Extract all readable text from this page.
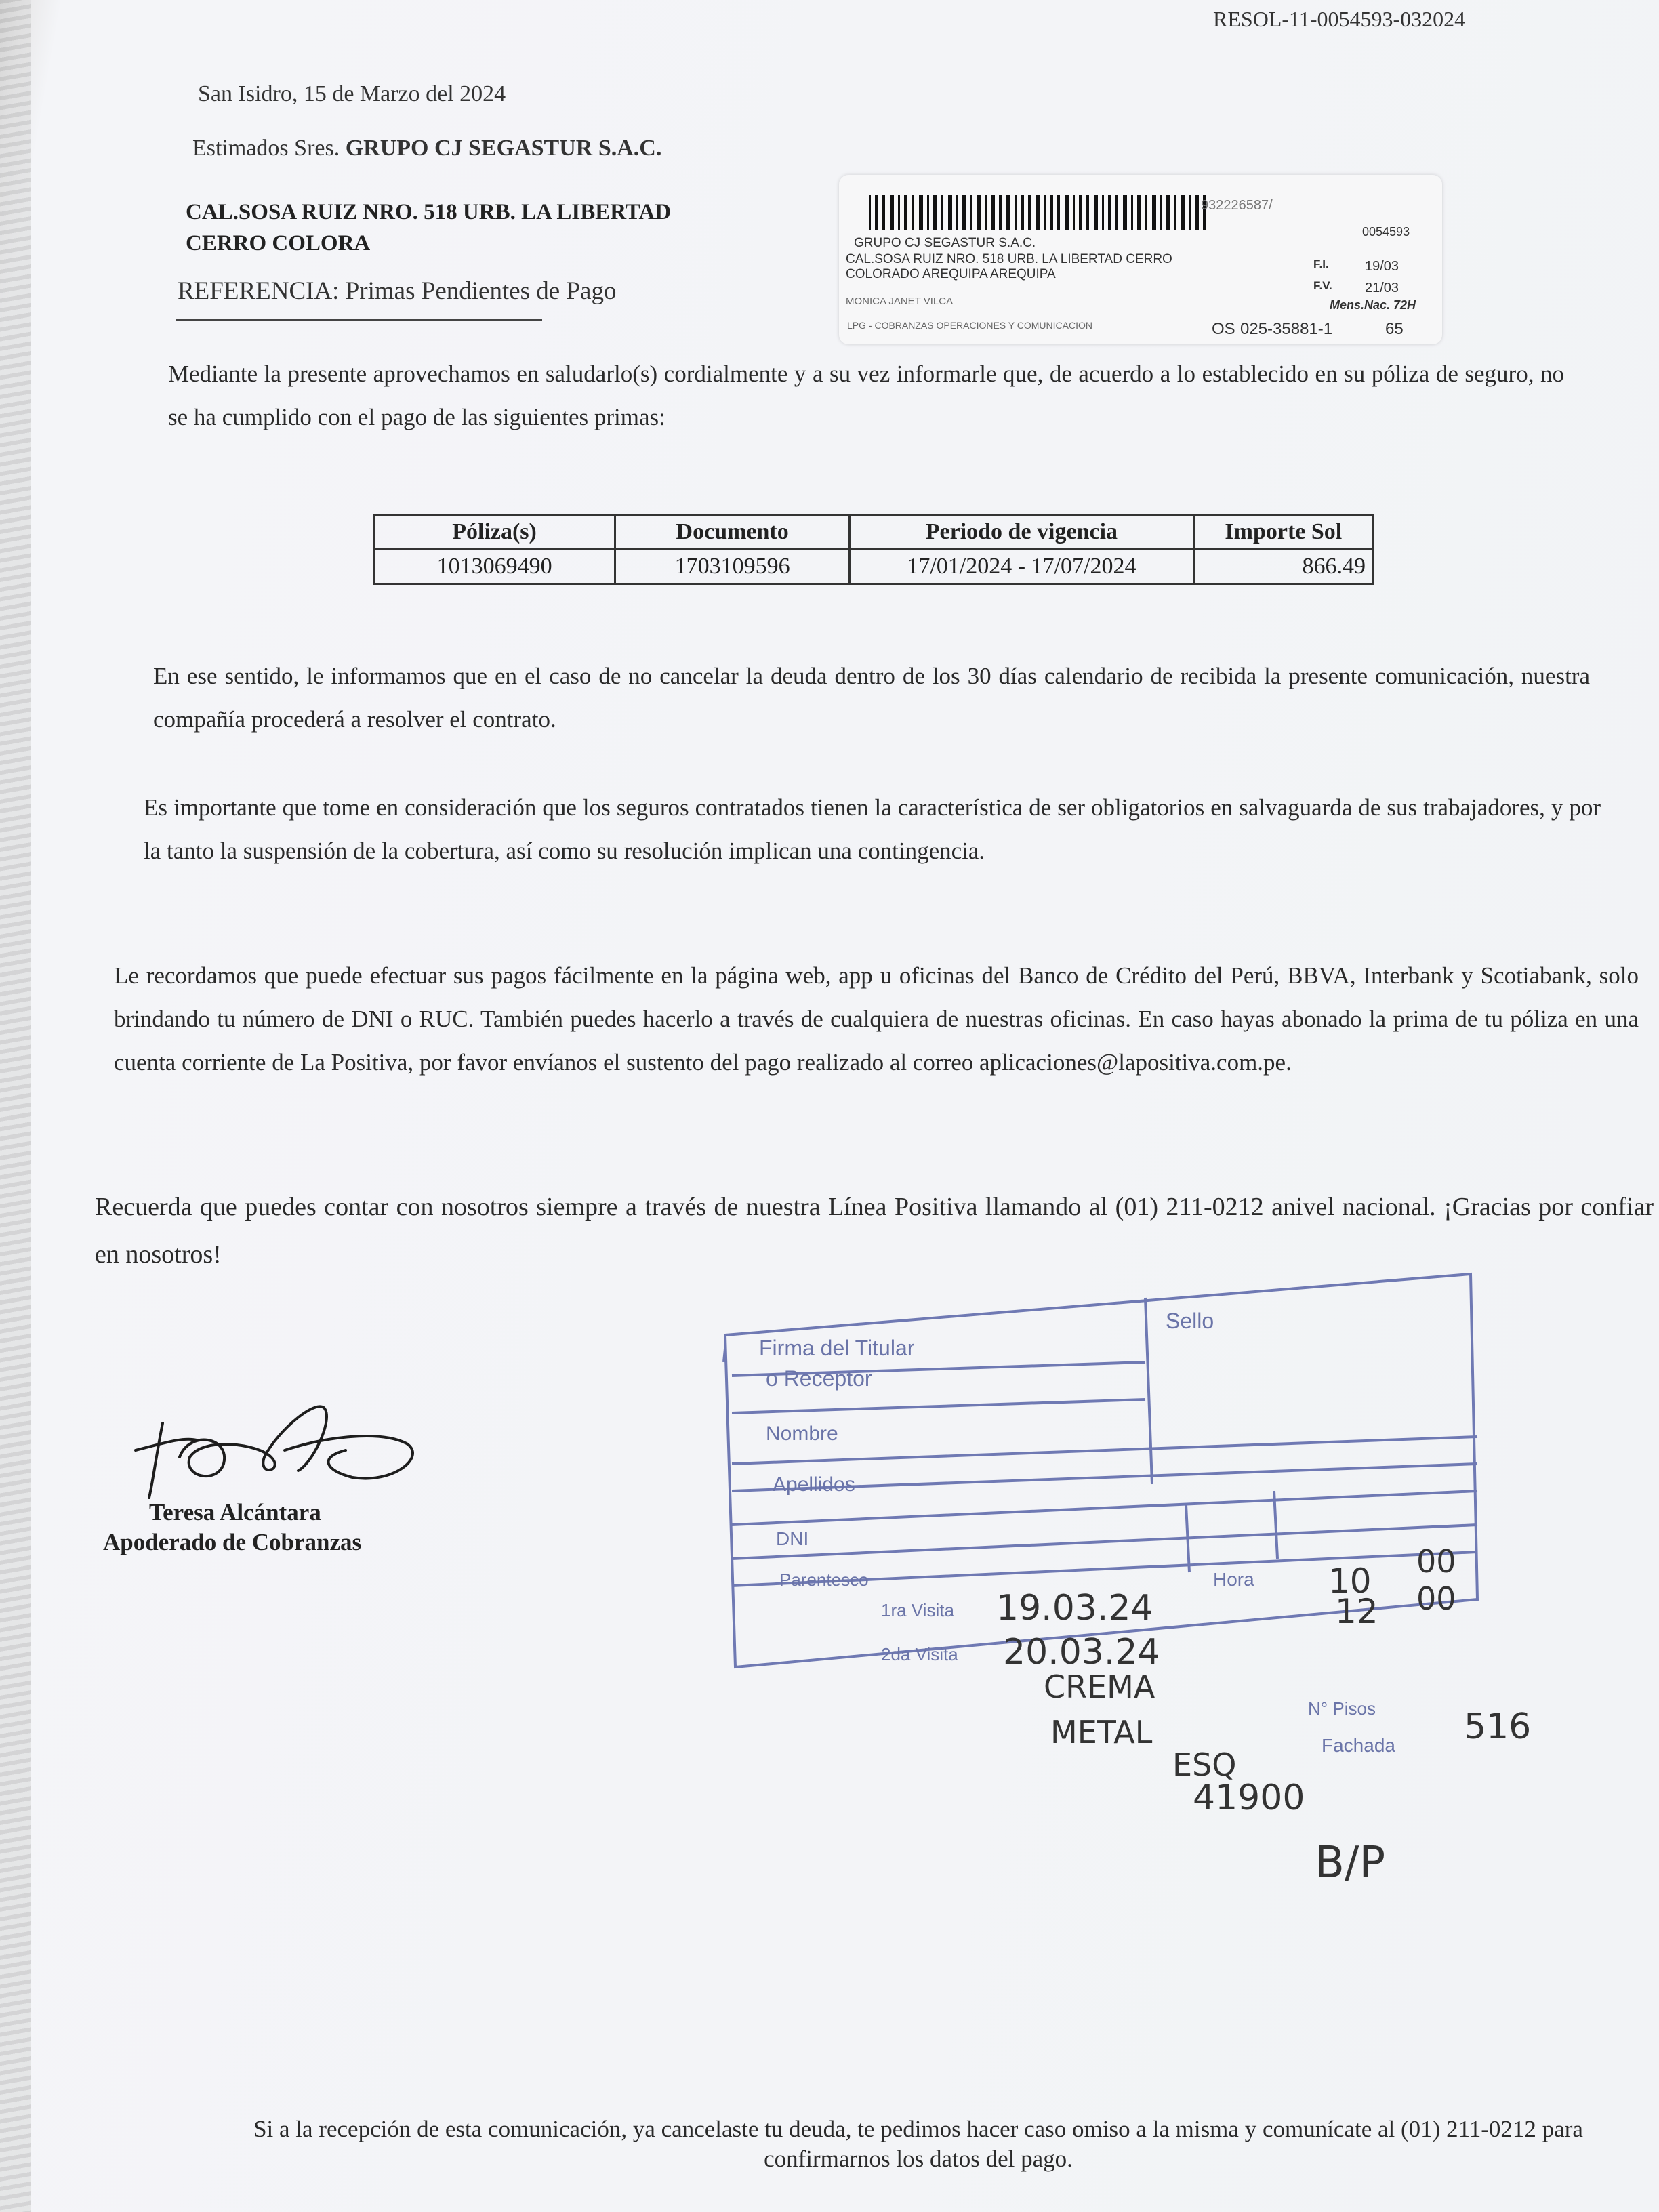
RESOL-11-0054593-032024
San Isidro, 15 de Marzo del 2024
Estimados Sres. GRUPO CJ SEGASTUR S.A.C.
CAL.SOSA RUIZ NRO. 518 URB. LA LIBERTAD
CERRO COLORA
REFERENCIA: Primas Pendientes de Pago
932226587/
GRUPO CJ SEGASTUR S.A.C.
0054593
CAL.SOSA RUIZ NRO. 518 URB. LA LIBERTAD CERRO
COLORADO AREQUIPA AREQUIPA
F.I.	19/03
F.V. 21/03
Mens.Nac. 72H
MONICA JANET VILCA
LPG - COBRANZAS OPERACIONES Y COMUNICACION	OS 025-35881-1	65
Mediante la presente aprovechamos en saludarlo(s) cordialmente y a su vez informarle que, de acuerdo a lo establecido en su póliza de seguro, no se ha cumplido con el pago de las siguientes primas:
Póliza(s)	Documento	Periodo de vigencia	Importe Sol
1013069490	1703109596	17/01/2024 - 17/07/2024	866.49
En ese sentido, le informamos que en el caso de no cancelar la deuda dentro de los 30 días calendario de recibida la presente comunicación, nuestra compañía procederá a resolver el contrato.
Es importante que tome en consideración que los seguros contratados tienen la característica de ser obligatorios en salvaguarda de sus trabajadores, y por la tanto la suspensión de la cobertura, así como su resolución implican una contingencia.
Le recordamos que puede efectuar sus pagos fácilmente en la página web, app u oficinas del Banco de Crédito del Perú, BBVA, Interbank y Scotiabank, solo brindando tu número de DNI o RUC. También puedes hacerlo a través de cualquiera de nuestras oficinas. En caso hayas abonado la prima de tu póliza en una cuenta corriente de La Positiva, por favor envíanos el sustento del pago realizado al correo aplicaciones@lapositiva.com.pe.
Recuerda que puedes contar con nosotros siempre a través de nuestra Línea Positiva llamando al (01) 211-0212 anivel nacional. ¡Gracias por confiar en nosotros!
Teresa Alcántara
Apoderado de Cobranzas
Firma del Titular
o Receptor
Sello
Nombre
Apellidos
DNI
Parentesco
1ra Visita
2da Visita
Hora
N° Pisos
Fachada
19.03.24
20.03.24
10 00
12 00
CREMA
METAL
ESQ
41900
516
B/P
Si a la recepción de esta comunicación, ya cancelaste tu deuda, te pedimos hacer caso omiso a la misma y comunícate al (01) 211-0212 para confirmarnos los datos del pago.
